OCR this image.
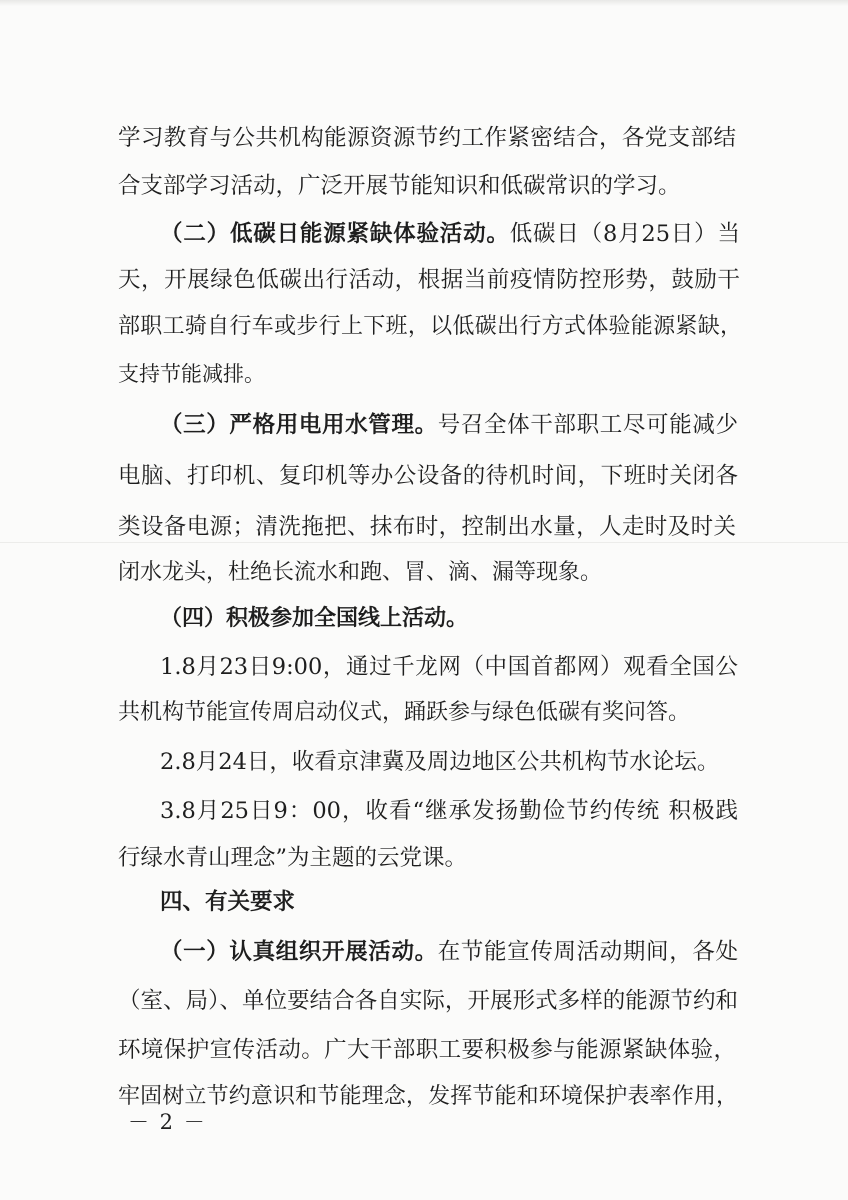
学习教育与公共机构能源资源节约工作紧密结合，各党支部结
合支部学习活动，广泛开展节能知识和低碳常识的学习。
（二）低碳日能源紧缺体验活动。低碳日（8月25日）当
天，开展绿色低碳出行活动，根据当前疫情防控形势，鼓励干
部职工骑自行车或步行上下班，以低碳出行方式体验能源紧缺，
支持节能减排。
（三）严格用电用水管理。号召全体干部职工尽可能减少
电脑、打印机、复印机等办公设备的待机时间，下班时关闭各
类设备电源；清洗拖把、抹布时，控制出水量，人走时及时关
闭水龙头，杜绝长流水和跑、冒、滴、漏等现象。
（四）积极参加全国线上活动。
1.8月23日9:00，通过千龙网（中国首都网）观看全国公
共机构节能宣传周启动仪式，踊跃参与绿色低碳有奖问答。
2.8月24日，收看京津冀及周边地区公共机构节水论坛。
3.8月25日9：00，收看“继承发扬勤俭节约传统 积极践
行绿水青山理念”为主题的云党课。
四、有关要求
（一）认真组织开展活动。在节能宣传周活动期间，各处
（室、局）、单位要结合各自实际，开展形式多样的能源节约和
环境保护宣传活动。广大干部职工要积极参与能源紧缺体验，
牢固树立节约意识和节能理念，发挥节能和环境保护表率作用，
－ 2 －
